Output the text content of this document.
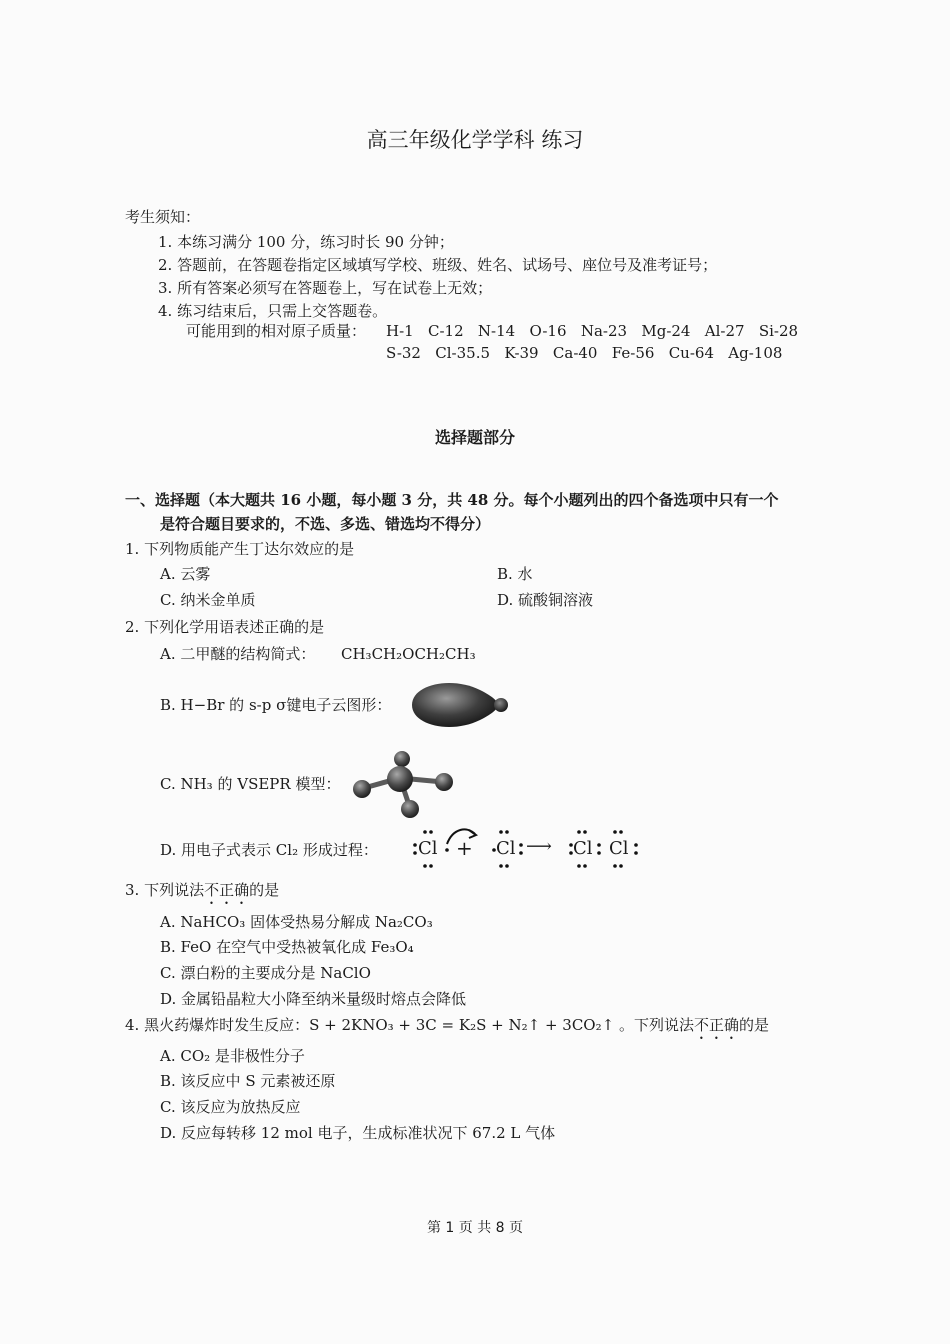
高三年级化学学科 练习
考生须知：
1. 本练习满分 100 分，练习时长 90 分钟；
2. 答题前，在答题卷指定区域填写学校、班级、姓名、试场号、座位号及准考证号；
3. 所有答案必须写在答题卷上，写在试卷上无效；
4. 练习结束后，只需上交答题卷。
可能用到的相对原子质量： H-1   C-12   N-14   O-16   Na-23   Mg-24   Al-27   Si-28
S-32   Cl-35.5   K-39   Ca-40   Fe-56   Cu-64   Ag-108
选择题部分
一、选择题（本大题共 16 小题，每小题 3 分，共 48 分。每个小题列出的四个备选项中只有一个
是符合题目要求的，不选、多选、错选均不得分）
1. 下列物质能产生丁达尔效应的是
A. 云雾	B. 水
C. 纳米金单质	D. 硫酸铜溶液
2. 下列化学用语表述正确的是
A. 二甲醚的结构简式： CH₃CH₂OCH₂CH₃
B. H−Br 的 s-p σ键电子云图形：
C. NH₃ 的 VSEPR 模型：
D. 用电子式表示 Cl₂ 形成过程： Cl + Cl ⟶ Cl Cl
3. 下列说法不正确的是
A. NaHCO₃ 固体受热易分解成 Na₂CO₃
B. FeO 在空气中受热被氧化成 Fe₃O₄
C. 漂白粉的主要成分是 NaClO
D. 金属铅晶粒大小降至纳米量级时熔点会降低
4. 黑火药爆炸时发生反应：S + 2KNO₃ + 3C = K₂S + N₂↑ + 3CO₂↑ 。下列说法不正确的是
A. CO₂ 是非极性分子
B. 该反应中 S 元素被还原
C. 该反应为放热反应
D. 反应每转移 12 mol 电子，生成标准状况下 67.2 L 气体
第 1 页 共 8 页
